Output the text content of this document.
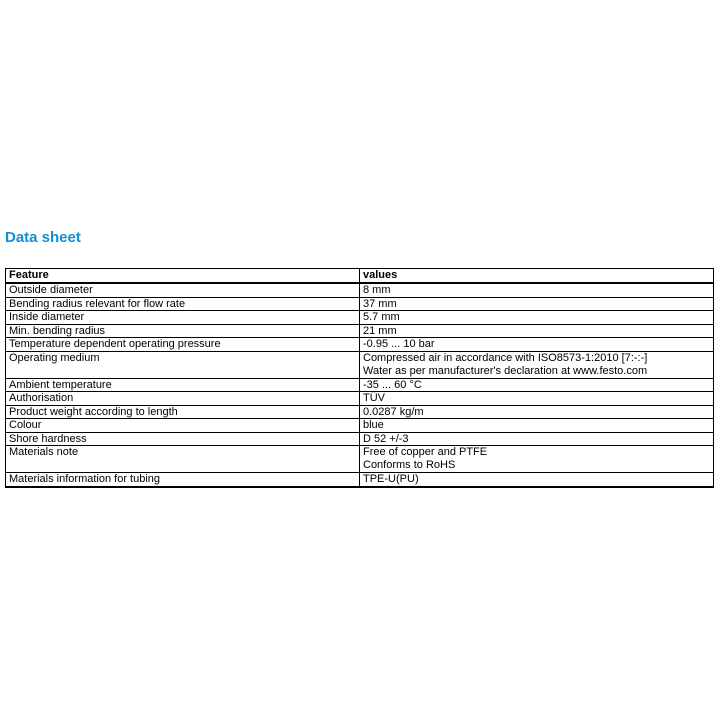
Data sheet
Feature	values
Outside diameter	8 mm
Bending radius relevant for flow rate	37 mm
Inside diameter	5.7 mm
Min. bending radius	21 mm
Temperature dependent operating pressure	-0.95 ... 10 bar
Operating medium	Compressed air in accordance with ISO8573-1:2010 [7:-:-]
Water as per manufacturer's declaration at www.festo.com

Ambient temperature	-35 ... 60 °C
Authorisation	TÜV
Product weight according to length	0.0287 kg/m
Colour	blue
Shore hardness	D 52 +/-3
Materials note	Free of copper and PTFE
Conforms to RoHS

Materials information for tubing	TPE-U(PU)
